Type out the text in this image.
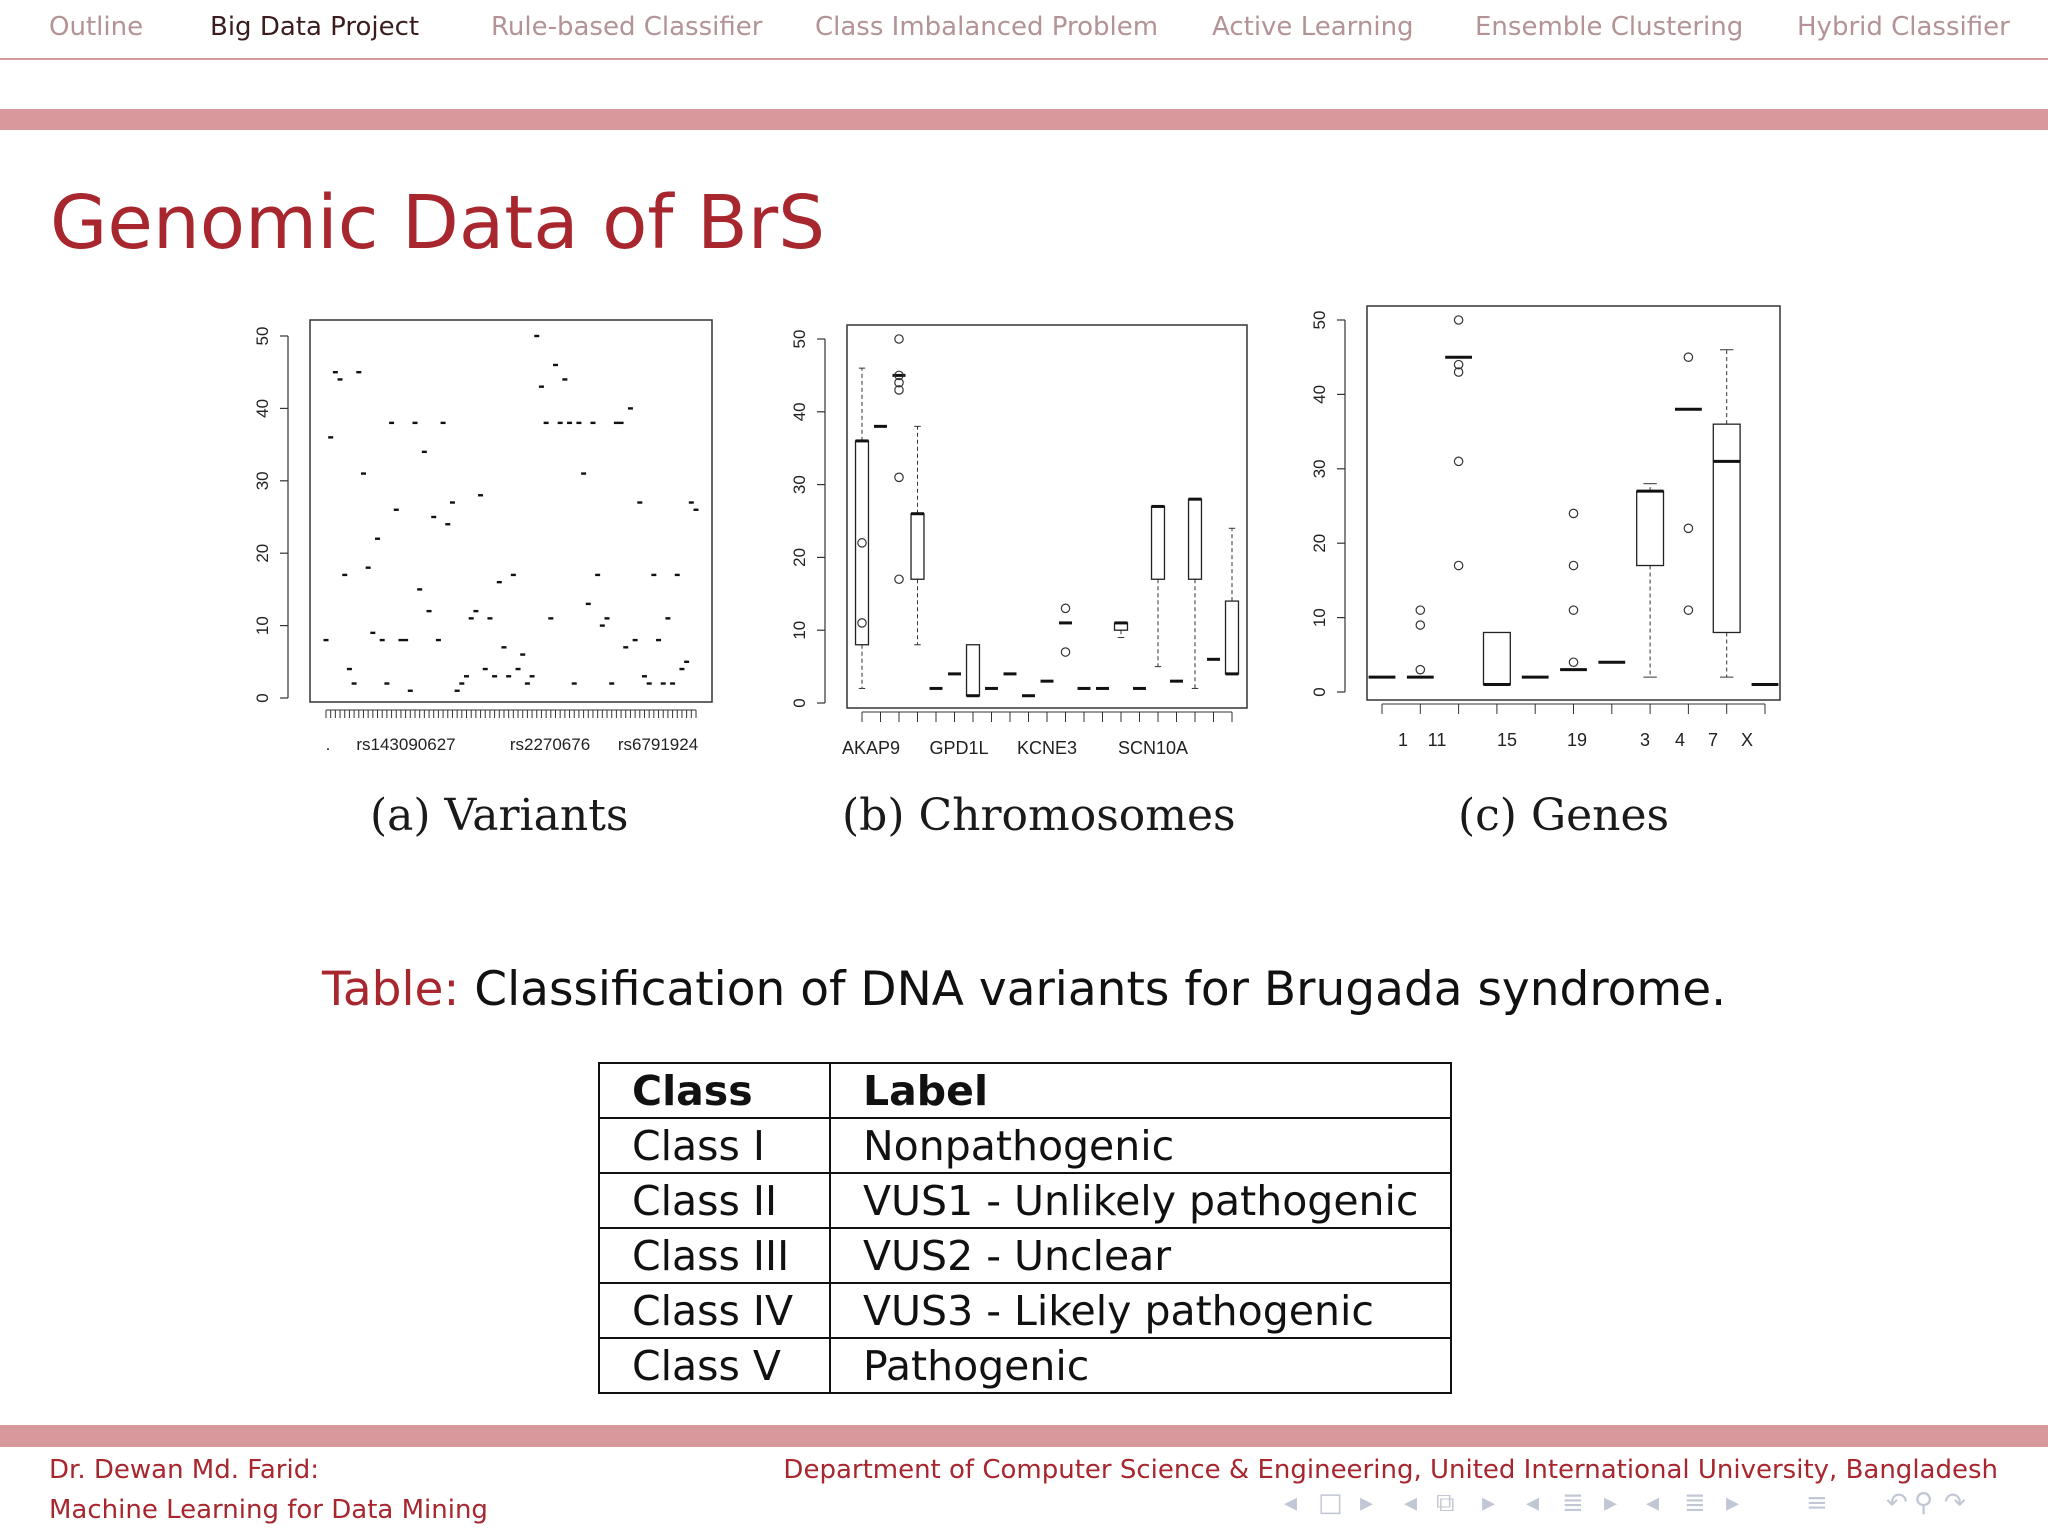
Outline	Big Data Project	Rule-based Classifier Class Imbalanced Problem Active Learning Ensemble Clustering Hybrid Classifier
Genomic Data of BrS
0
10
20
30
40
50
. rs143090627	rs2270676 rs6791924
(a) Variants
0
10
20
30
40
50
AKAP9 GPD1L KCNE3 SCN10A
(b) Chromosomes
0
10
20
30
40
50
1 11	15	19	3 4 7 X
(c) Genes
Table: Classification of DNA variants for Brugada syndrome.
Class	Label
Class I	Nonpathogenic
Class II	VUS1 - Unlikely pathogenic
Class III	VUS2 - Unclear
Class IV	VUS3 - Likely pathogenic
Class V	Pathogenic
Dr. Dewan Md. Farid:
Machine Learning for Data Mining
Department of Computer Science & Engineering, United International University, Bangladesh
◂ □ ▸ ◂ ⧉ ▸ ◂ ≣ ▸ ◂ ≣ ▸	≡ ↶ ⚲ ↷
